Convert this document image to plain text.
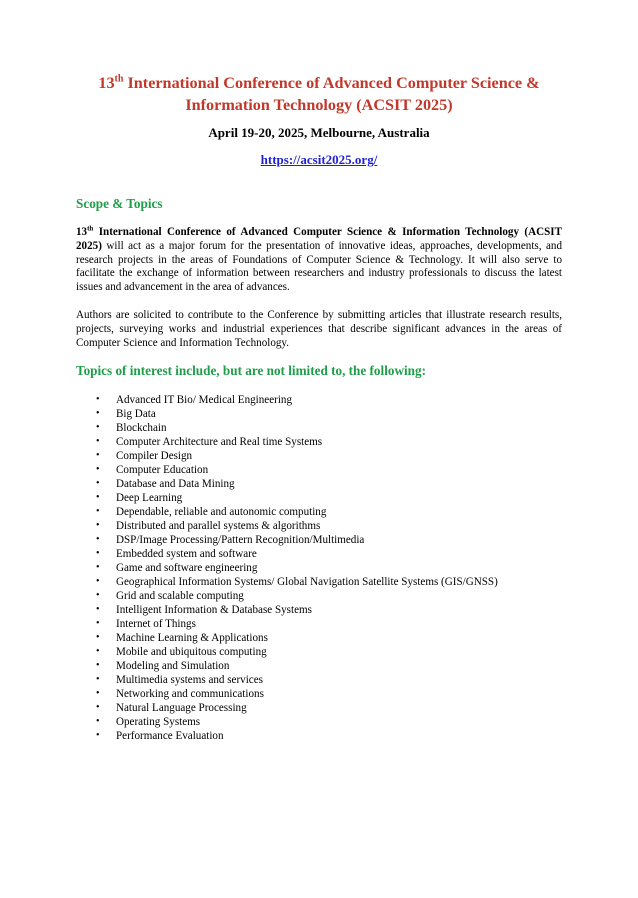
13th International Conference of Advanced Computer Science & Information Technology (ACSIT 2025)
April 19-20, 2025, Melbourne, Australia
https://acsit2025.org/
Scope & Topics
13th International Conference of Advanced Computer Science & Information Technology (ACSIT 2025) will act as a major forum for the presentation of innovative ideas, approaches, developments, and research projects in the areas of Foundations of Computer Science & Technology. It will also serve to facilitate the exchange of information between researchers and industry professionals to discuss the latest issues and advancement in the area of advances.
Authors are solicited to contribute to the Conference by submitting articles that illustrate research results, projects, surveying works and industrial experiences that describe significant advances in the areas of Computer Science and Information Technology.
Topics of interest include, but are not limited to, the following:
•	Advanced IT Bio/ Medical Engineering
•	Big Data
•	Blockchain
•	Computer Architecture and Real time Systems
•	Compiler Design
•	Computer Education
•	Database and Data Mining
•	Deep Learning
•	Dependable, reliable and autonomic computing
•	Distributed and parallel systems & algorithms
•	DSP/Image Processing/Pattern Recognition/Multimedia
•	Embedded system and software
•	Game and software engineering
•	Geographical Information Systems/ Global Navigation Satellite Systems (GIS/GNSS)
•	Grid and scalable computing
•	Intelligent Information & Database Systems
•	Internet of Things
•	Machine Learning & Applications
•	Mobile and ubiquitous computing
•	Modeling and Simulation
•	Multimedia systems and services
•	Networking and communications
•	Natural Language Processing
•	Operating Systems
•	Performance Evaluation
